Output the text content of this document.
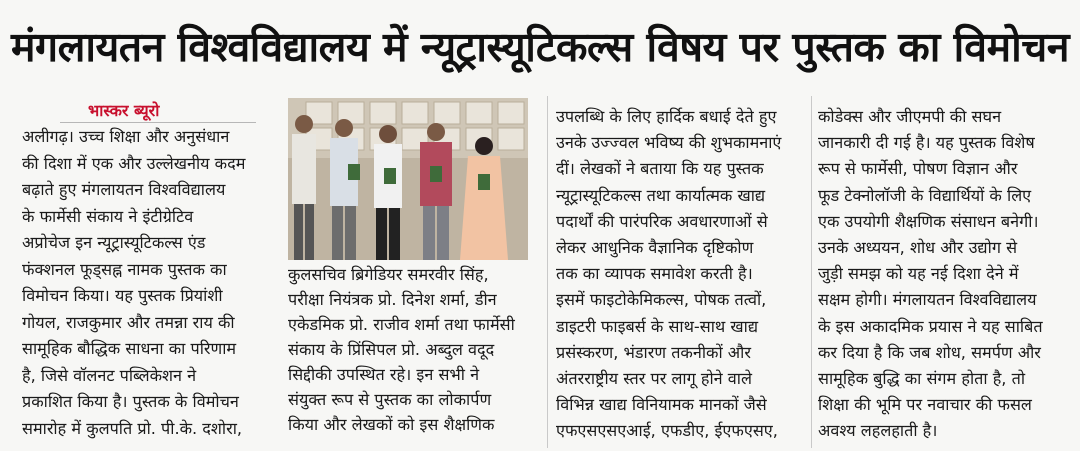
मंगलायतन विश्वविद्यालय में न्यूट्रास्यूटिकल्स विषय पर पुस्तक का विमोचन
भास्कर ब्यूरो
अलीगढ़। उच्च शिक्षा और अनुसंधान
की दिशा में एक और उल्लेखनीय कदम
बढ़ाते हुए मंगलायतन विश्वविद्यालय
के फार्मेसी संकाय ने इंटीग्रेटिव
अप्रोचेज इन न्यूट्रास्यूटिकल्स एंड
फंक्शनल फूड्सह्न नामक पुस्तक का
विमोचन किया। यह पुस्तक प्रियांशी
गोयल, राजकुमार और तमन्ना राय की
सामूहिक बौद्धिक साधना का परिणाम
है, जिसे वॉलनट पब्लिकेशन ने
प्रकाशित किया है। पुस्तक के विमोचन
समारोह में कुलपति प्रो. पी.के. दशोरा,
कुलसचिव ब्रिगेडियर समरवीर सिंह,
परीक्षा नियंत्रक प्रो. दिनेश शर्मा, डीन
एकेडमिक प्रो. राजीव शर्मा तथा फार्मेसी
संकाय के प्रिंसिपल प्रो. अब्दुल वदूद
सिद्दीकी उपस्थित रहे। इन सभी ने
संयुक्त रूप से पुस्तक का लोकार्पण
किया और लेखकों को इस शैक्षणिक
उपलब्धि के लिए हार्दिक बधाई देते हुए
उनके उज्ज्वल भविष्य की शुभकामनाएं
दीं। लेखकों ने बताया कि यह पुस्तक
न्यूट्रास्यूटिकल्स तथा कार्यात्मक खाद्य
पदार्थों की पारंपरिक अवधारणाओं से
लेकर आधुनिक वैज्ञानिक दृष्टिकोण
तक का व्यापक समावेश करती है।
इसमें फाइटोकेमिकल्स, पोषक तत्वों,
डाइटरी फाइबर्स के साथ-साथ खाद्य
प्रसंस्करण, भंडारण तकनीकों और
अंतरराष्ट्रीय स्तर पर लागू होने वाले
विभिन्न खाद्य विनियामक मानकों जैसे
एफएसएसएआई, एफडीए, ईएफएसए,
कोडेक्स और जीएमपी की सघन
जानकारी दी गई है। यह पुस्तक विशेष
रूप से फार्मेसी, पोषण विज्ञान और
फूड टेक्नोलॉजी के विद्यार्थियों के लिए
एक उपयोगी शैक्षणिक संसाधन बनेगी।
उनके अध्ययन, शोध और उद्योग से
जुड़ी समझ को यह नई दिशा देने में
सक्षम होगी। मंगलायतन विश्वविद्यालय
के इस अकादमिक प्रयास ने यह साबित
कर दिया है कि जब शोध, समर्पण और
सामूहिक बुद्धि का संगम होता है, तो
शिक्षा की भूमि पर नवाचार की फसल
अवश्य लहलहाती है।
